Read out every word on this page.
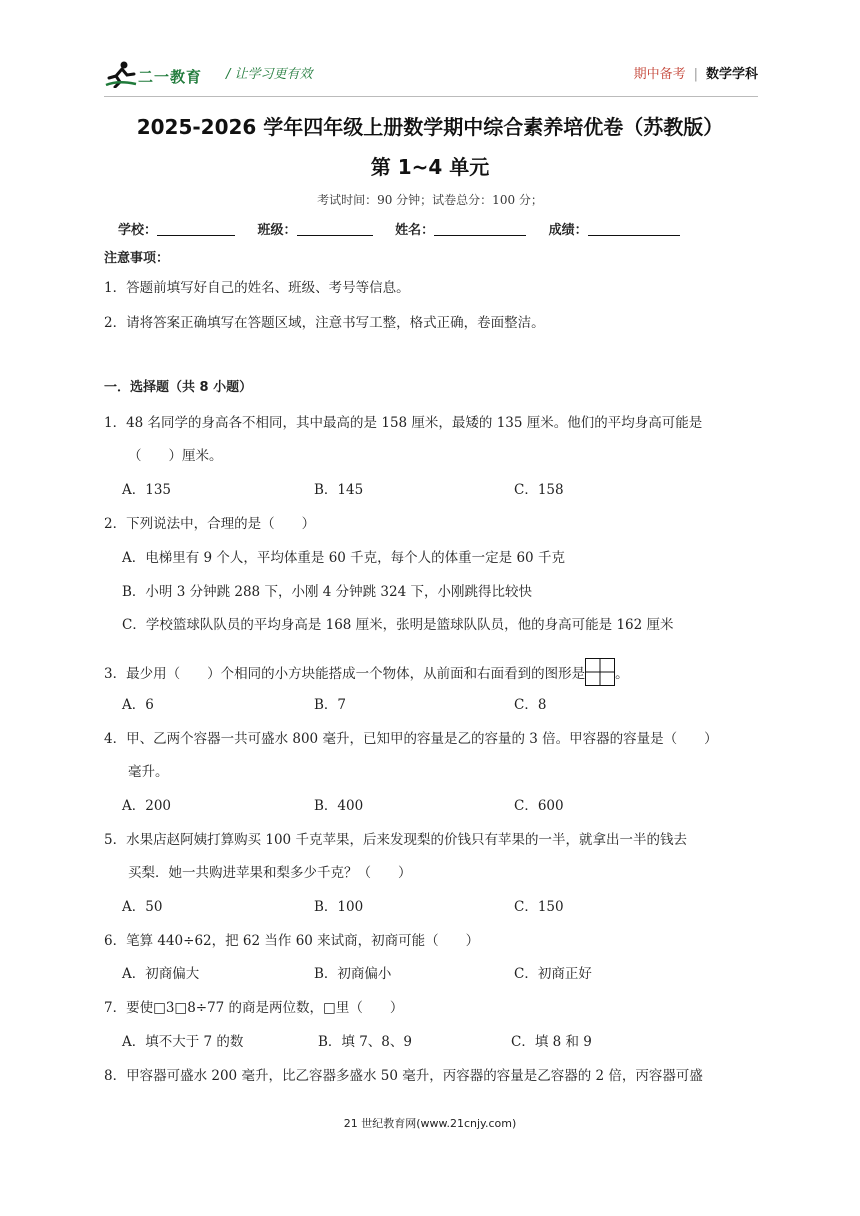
二一教育 / 让学习更有效	期中备考 | 数学学科
2025-2026 学年四年级上册数学期中综合素养培优卷（苏教版）
第 1~4 单元
考试时间：90 分钟；试卷总分：100 分；
学校：	班级：	姓名：	成绩：
注意事项：
1．答题前填写好自己的姓名、班级、考号等信息。
2．请将答案正确填写在答题区域，注意书写工整，格式正确，卷面整洁。
一．选择题（共 8 小题）
1．48 名同学的身高各不相同，其中最高的是 158 厘米，最矮的 135 厘米。他们的平均身高可能是
（　　）厘米。
A．135	B．145	C．158
2．下列说法中，合理的是（　　）
A．电梯里有 9 个人，平均体重是 60 千克，每个人的体重一定是 60 千克
B．小明 3 分钟跳 288 下，小刚 4 分钟跳 324 下，小刚跳得比较快
C．学校篮球队队员的平均身高是 168 厘米，张明是篮球队队员，他的身高可能是 162 厘米
3．最少用（　　）个相同的小方块能搭成一个物体，从前面和右面看到的图形是 。
A．6	B．7	C．8
4．甲、乙两个容器一共可盛水 800 毫升，已知甲的容量是乙的容量的 3 倍。甲容器的容量是（　　）
毫升。
A．200	B．400	C．600
5．水果店赵阿姨打算购买 100 千克苹果，后来发现梨的价钱只有苹果的一半，就拿出一半的钱去
买梨．她一共购进苹果和梨多少千克？（　　）
A．50	B．100	C．150
6．笔算 440÷62，把 62 当作 60 来试商，初商可能（　　）
A．初商偏大	B．初商偏小	C．初商正好
7．要使□3□8÷77 的商是两位数，□里（　　）
A．填不大于 7 的数	B．填 7、8、9	C．填 8 和 9
8．甲容器可盛水 200 毫升，比乙容器多盛水 50 毫升，丙容器的容量是乙容器的 2 倍，丙容器可盛
21 世纪教育网(www.21cnjy.com)
